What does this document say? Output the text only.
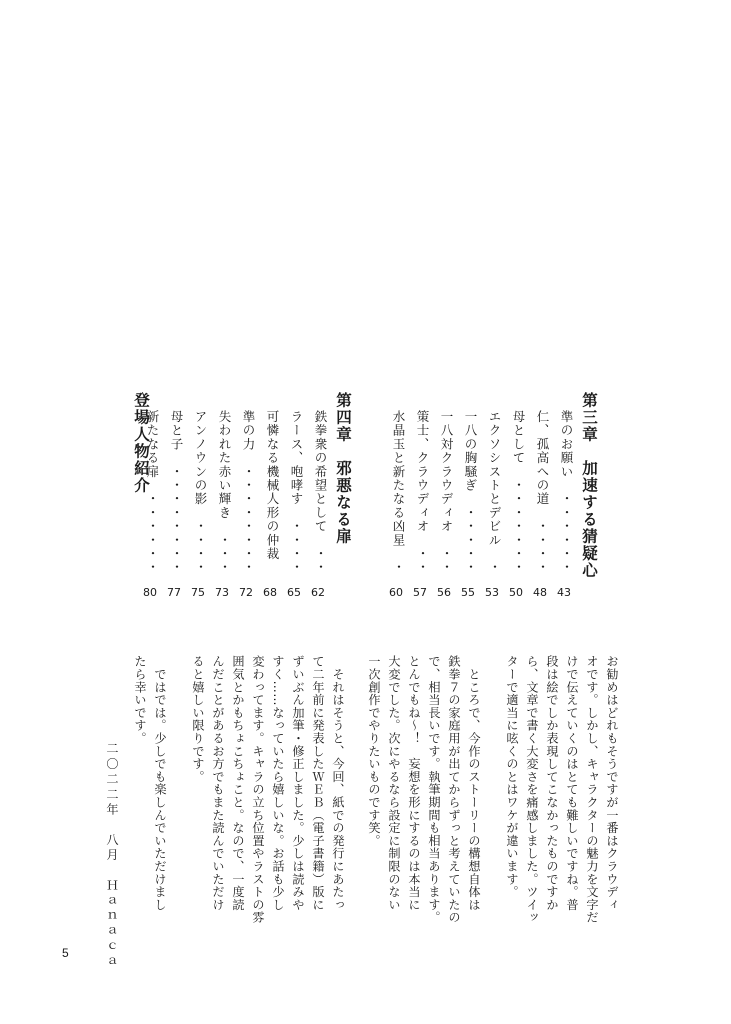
第三章　加速する猜疑心
準のお願い　・・・・・・
43
仁、孤高への道　・・・・
48
母として　・・・・・・・
50
エクソシストとデビル　・
53
一八の胸騒ぎ　・・・・・
55
一八対クラウディオ　・・
56
策士、クラウディオ　・・
57
水晶玉と新たなる凶星　・
60
第四章　邪悪なる扉
鉄拳衆の希望として　・・
62
ラース、咆哮す　・・・・
65
可憐なる機械人形の仲裁　
68
準の力　・・・・・・・・
72
失われた赤い輝き　・・・
73
アンノウンの影　・・・・
75
母と子　・・・・・・・・
77
新たなる扉　・・・・・・
80
登場人物紹介
お勧めはどれもそうですが一番はクラウディ
オです。しかし、キャラクターの魅力を文字だ
けで伝えていくのはとても難しいですね。普
段は絵でしか表現してこなかったものですか
ら、文章で書く大変さを痛感しました。ツイッ
ターで適当に呟くのとはワケが違います。
　ところで、今作のストーリーの構想自体は
鉄拳７の家庭用が出てからずっと考えていたの
で、相当長いです。執筆期間も相当あります。
とんでもね～！　妄想を形にするのは本当に
大変でした。次にやるなら設定に制限のない
一次創作でやりたいものです笑。
　それはそうと、今回、紙での発行にあたっ
て二年前に発表したＷＥＢ（電子書籍）版に
ずいぶん加筆・修正しました。少しは読みや
すく……なっていたら嬉しいな。お話も少し
変わってます。キャラの立ち位置やラストの雰
囲気とかもちょこちょこと。なので、一度読
んだことがあるお方でもまた読んでいただけ
ると嬉しい限りです。
　ではでは。少しでも楽しんでいただけまし
たら幸いです。
二〇二二年　八月　Ｈａｎａｃａ
5
